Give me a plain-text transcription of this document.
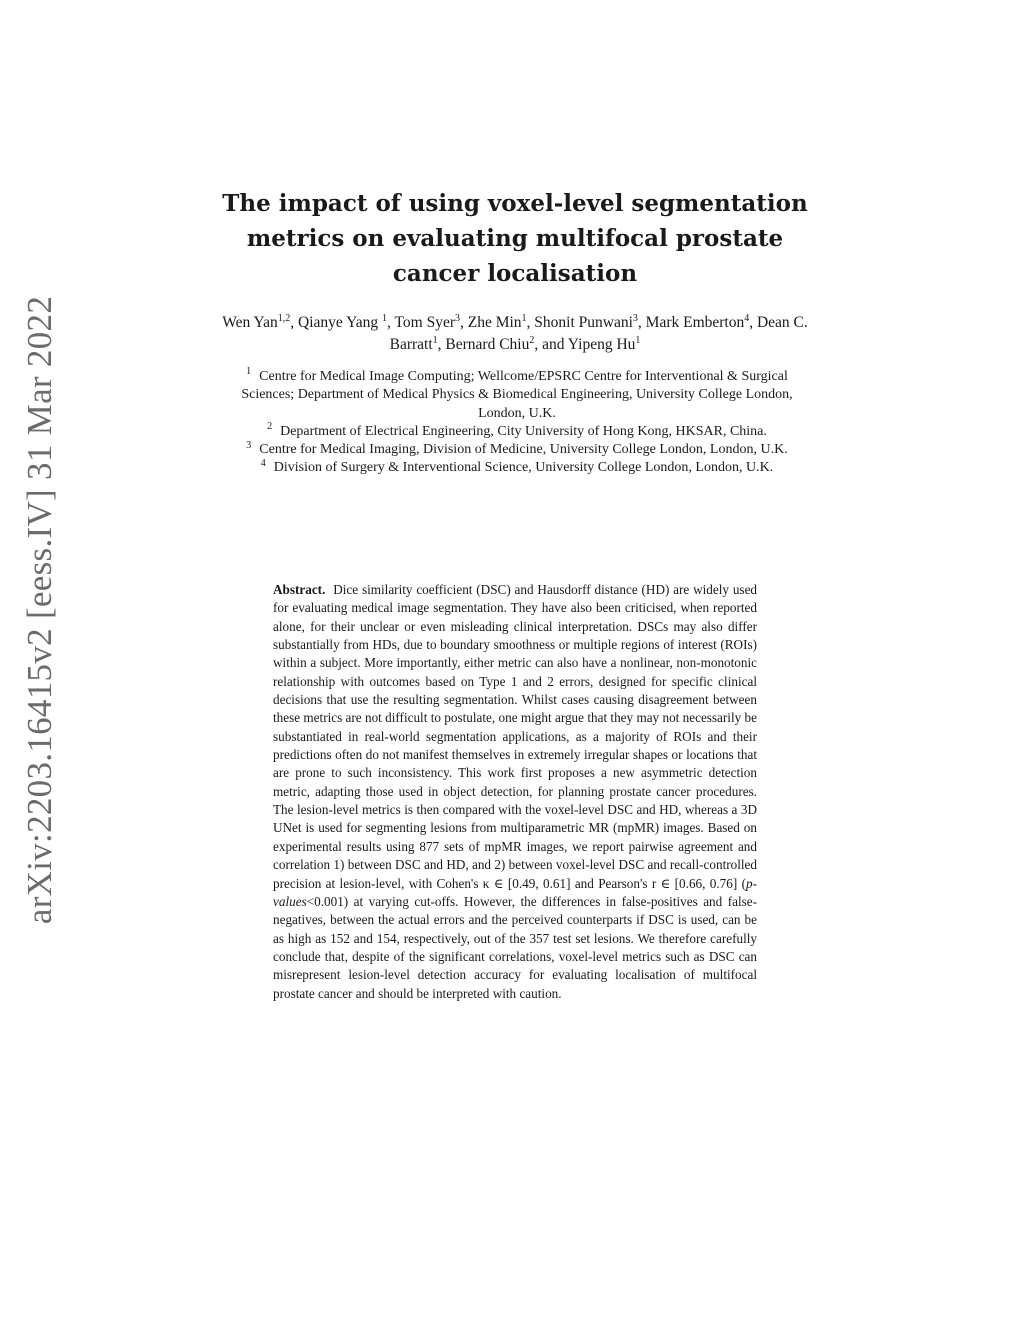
arXiv:2203.16415v2 [eess.IV] 31 Mar 2022
The impact of using voxel-level segmentation metrics on evaluating multifocal prostate cancer localisation
Wen Yan$^{1,2}$, Qianye Yang $^1$, Tom Syer$^3$, Zhe Min$^1$, Shonit Punwani$^3$, Mark Emberton$^4$, Dean C. Barratt$^1$, Bernard Chiu$^2$, and Yipeng Hu$^1$
$^1$ Centre for Medical Image Computing; Wellcome/EPSRC Centre for Interventional & Surgical Sciences; Department of Medical Physics & Biomedical Engineering, University College London, London, U.K.
$^2$ Department of Electrical Engineering, City University of Hong Kong, HKSAR, China.
$^3$ Centre for Medical Imaging, Division of Medicine, University College London, London, U.K.
$^4$ Division of Surgery & Interventional Science, University College London, London, U.K.
Abstract. Dice similarity coefficient (DSC) and Hausdorff distance (HD) are widely used for evaluating medical image segmentation. They have also been criticised, when reported alone, for their unclear or even misleading clinical interpretation. DSCs may also differ substantially from HDs, due to boundary smoothness or multiple regions of interest (ROIs) within a subject. More importantly, either metric can also have a nonlinear, non-monotonic relationship with outcomes based on Type 1 and 2 errors, designed for specific clinical decisions that use the resulting segmentation. Whilst cases causing disagreement between these metrics are not difficult to postulate, one might argue that they may not necessarily be substantiated in real-world segmentation applications, as a majority of ROIs and their predictions often do not manifest themselves in extremely irregular shapes or locations that are prone to such inconsistency. This work first proposes a new asymmetric detection metric, adapting those used in object detection, for planning prostate cancer procedures. The lesion-level metrics is then compared with the voxel-level DSC and HD, whereas a 3D UNet is used for segmenting lesions from multiparametric MR (mpMR) images. Based on experimental results using 877 sets of mpMR images, we report pairwise agreement and correlation 1) between DSC and HD, and 2) between voxel-level DSC and recall-controlled precision at lesion-level, with Cohen's κ ∈ [0.49, 0.61] and Pearson's r ∈ [0.66, 0.76] (p-values<0.001) at varying cut-offs. However, the differences in false-positives and false-negatives, between the actual errors and the perceived counterparts if DSC is used, can be as high as 152 and 154, respectively, out of the 357 test set lesions. We therefore carefully conclude that, despite of the significant correlations, voxel-level metrics such as DSC can misrepresent lesion-level detection accuracy for evaluating localisation of multifocal prostate cancer and should be interpreted with caution.
